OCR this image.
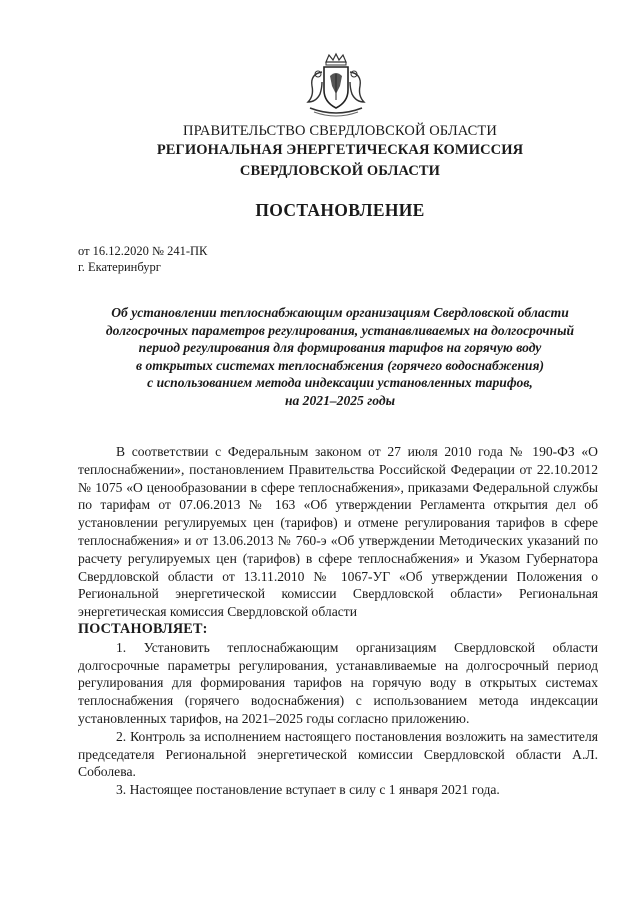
ПРАВИТЕЛЬСТВО СВЕРДЛОВСКОЙ ОБЛАСТИ
РЕГИОНАЛЬНАЯ ЭНЕРГЕТИЧЕСКАЯ КОМИССИЯ
СВЕРДЛОВСКОЙ ОБЛАСТИ
ПОСТАНОВЛЕНИЕ
от 16.12.2020 № 241-ПК
г. Екатеринбург
Об установлении теплоснабжающим организациям Свердловской области
долгосрочных параметров регулирования, устанавливаемых на долгосрочный
период регулирования для формирования тарифов на горячую воду
в открытых системах теплоснабжения (горячего водоснабжения)
с использованием метода индексации установленных тарифов,
на 2021–2025 годы

В соответствии с Федеральным законом от 27 июля 2010 года № 190-ФЗ «О теплоснабжении», постановлением Правительства Российской Федерации от 22.10.2012 № 1075 «О ценообразовании в сфере теплоснабжения», приказами Федеральной службы по тарифам от 07.06.2013 № 163 «Об утверждении Регламента открытия дел об установлении регулируемых цен (тарифов) и отмене регулирования тарифов в сфере теплоснабжения» и от 13.06.2013 № 760-э «Об утверждении Методических указаний по расчету регулируемых цен (тарифов) в сфере теплоснабжения» и Указом Губернатора Свердловской области от 13.11.2010 № 1067-УГ «Об утверждении Положения о Региональной энергетической комиссии Свердловской области» Региональная энергетическая комиссия Свердловской области

ПОСТАНОВЛЯЕТ:

1. Установить теплоснабжающим организациям Свердловской области долгосрочные параметры регулирования, устанавливаемые на долгосрочный период регулирования для формирования тарифов на горячую воду в открытых системах теплоснабжения (горячего водоснабжения) с использованием метода индексации установленных тарифов, на 2021–2025 годы согласно приложению.

2. Контроль за исполнением настоящего постановления возложить на заместителя председателя Региональной энергетической комиссии Свердловской области А.Л. Соболева.

3. Настоящее постановление вступает в силу с 1 января 2021 года.
